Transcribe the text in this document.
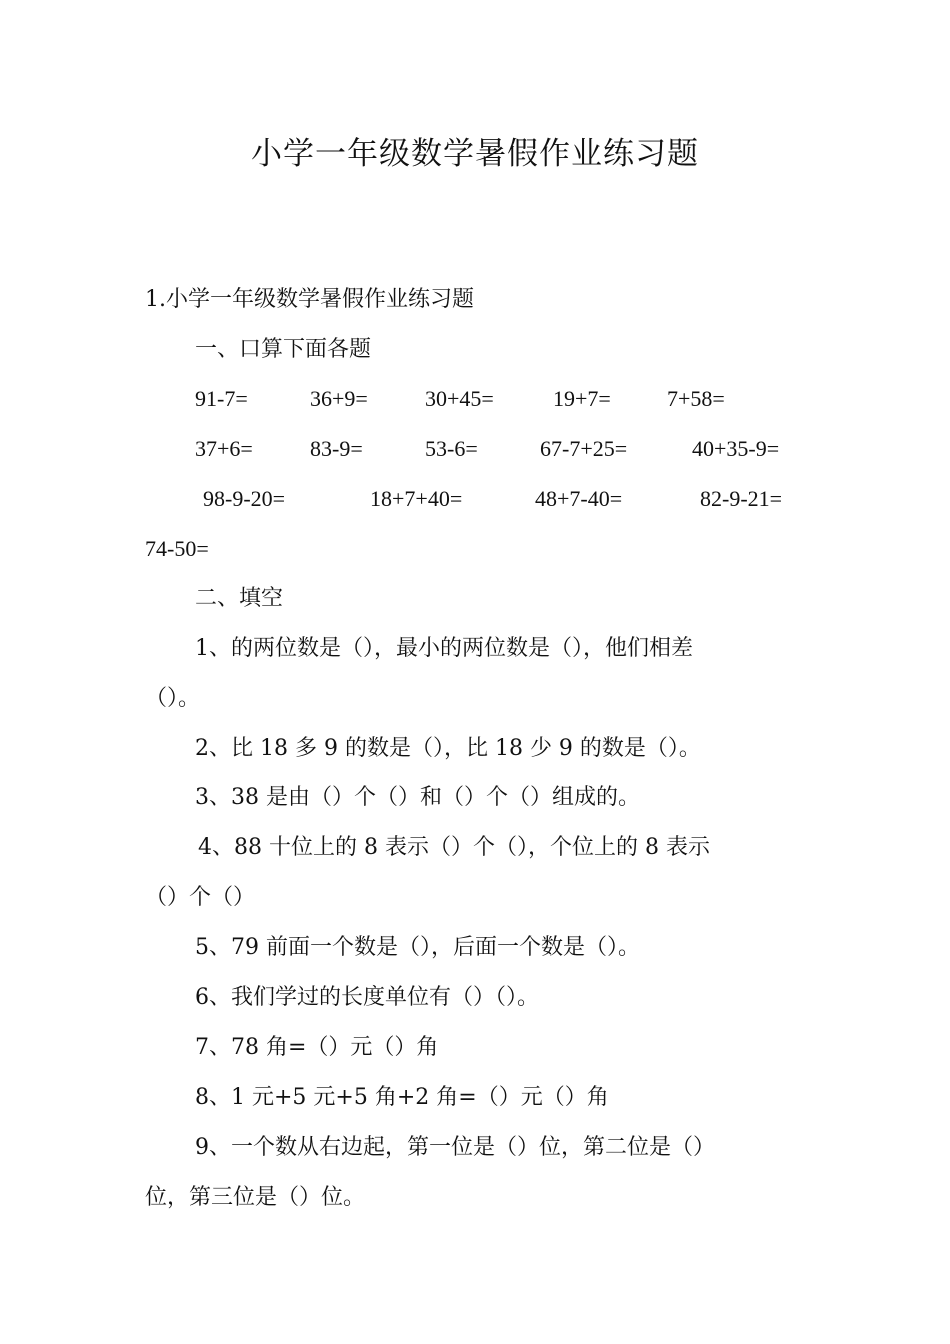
小学一年级数学暑假作业练习题
1.小学一年级数学暑假作业练习题
一、口算下面各题
91-7=	36+9=	30+45=	19+7=	7+58=
37+6=	83-9=	53-6=	67-7+25=	40+35-9=
98-9-20=	18+7+40=	48+7-40=	82-9-21=
74-50=
二、填空
1、的两位数是（），最小的两位数是（），他们相差
（）。
2、比 18 多 9 的数是（），比 18 少 9 的数是（）。
3、38 是由（）个（）和（）个（）组成的。
4、88 十位上的 8 表示（）个（），个位上的 8 表示
（）个（）
5、79 前面一个数是（），后面一个数是（）。
6、我们学过的长度单位有（）（）。
7、78 角=（）元（）角
8、1 元+5 元+5 角+2 角=（）元（）角
9、一个数从右边起，第一位是（）位，第二位是（）
位，第三位是（）位。
